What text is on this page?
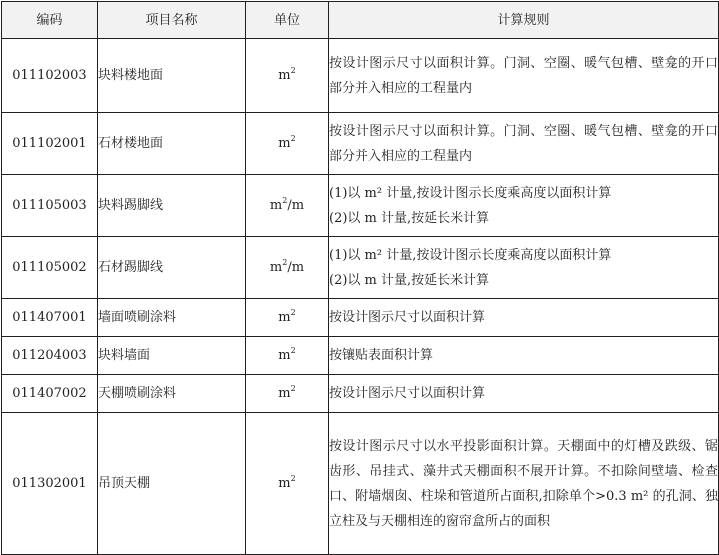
编码	项目名称	单位	计算规则
011102003	块料楼地面	$m^2$	按设计图示尺寸以面积计算。门洞、空圈、暖气包槽、壁龛的开口部分并入相应的工程量内

011102001	石材楼地面	$m^2$	按设计图示尺寸以面积计算。门洞、空圈、暖气包槽、壁龛的开口部分并入相应的工程量内

011105003	块料踢脚线	$m^2/m$	(1)以 m² 计量,按设计图示长度乘高度以面积计算
(2)以 m 计量,按延长米计算

011105002	石材踢脚线	$m^2/m$	(1)以 m² 计量,按设计图示长度乘高度以面积计算
(2)以 m 计量,按延长米计算

011407001	墙面喷刷涂料	$m^2$	按设计图示尺寸以面积计算

011204003	块料墙面	$m^2$	按镶贴表面积计算

011407002	天棚喷刷涂料	$m^2$	按设计图示尺寸以面积计算

011302001	吊顶天棚	$m^2$	按设计图示尺寸以水平投影面积计算。天棚面中的灯槽及跌级、锯齿形、吊挂式、藻井式天棚面积不展开计算。不扣除间壁墙、检查口、附墙烟囱、柱垛和管道所占面积,扣除单个>0.3 m² 的孔洞、独立柱及与天棚相连的窗帘盒所占的面积
